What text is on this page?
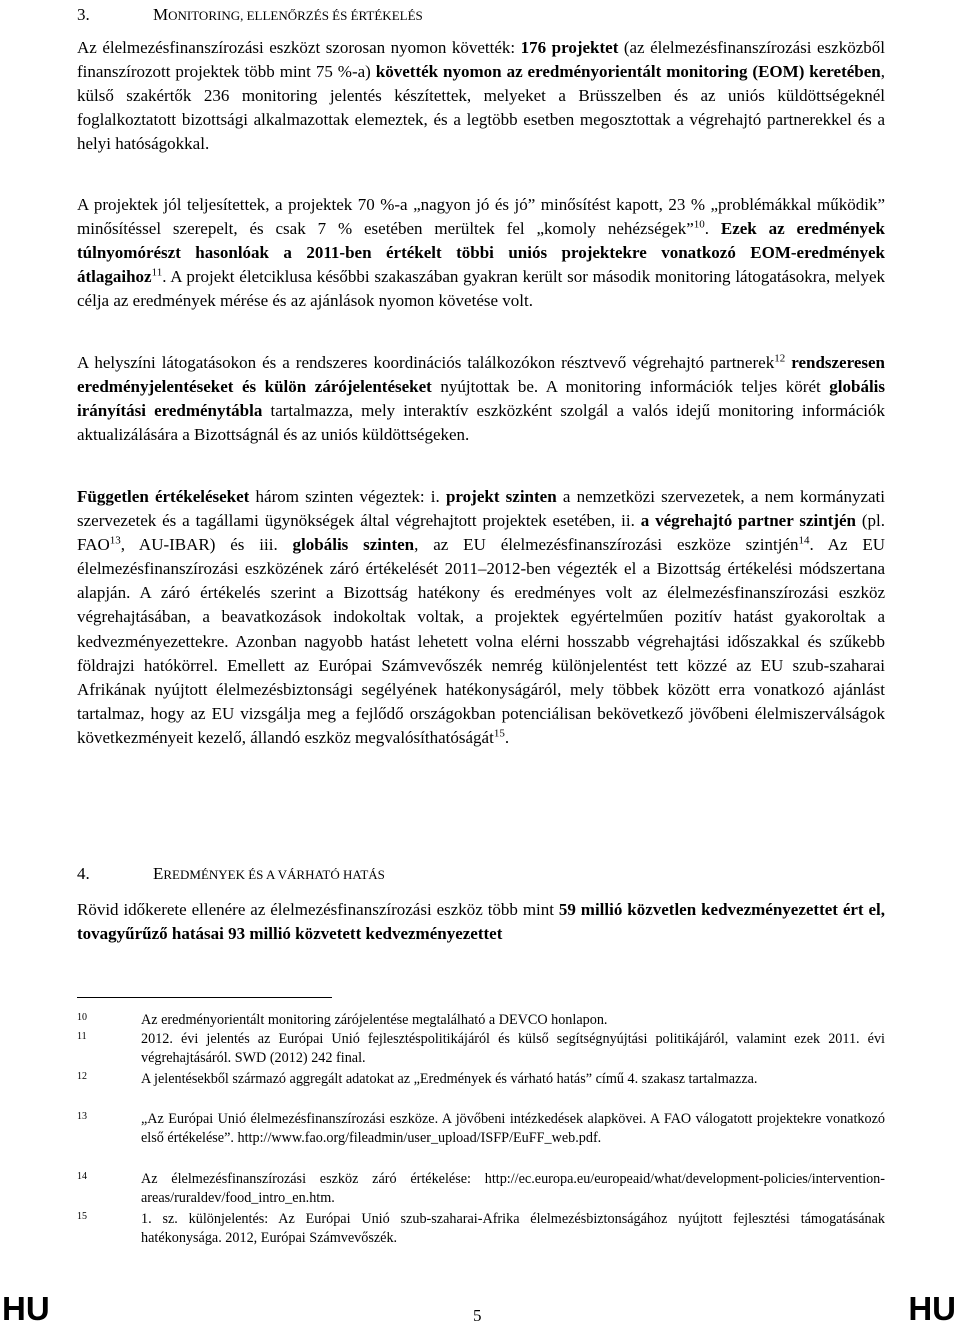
3.	MONITORING, ELLENŐRZÉS ÉS ÉRTÉKELÉS
Az élelmezésfinanszírozási eszközt szorosan nyomon követték: 176 projektet (az élelmezésfinanszírozási eszközből finanszírozott projektek több mint 75 %-a) követték nyomon az eredményorientált monitoring (EOM) keretében, külső szakértők 236 monitoring jelentés készítettek, melyeket a Brüsszelben és az uniós küldöttségeknél foglalkoztatott bizottsági alkalmazottak elemeztek, és a legtöbb esetben megosztottak a végrehajtó partnerekkel és a helyi hatóságokkal.
A projektek jól teljesítettek, a projektek 70 %-a „nagyon jó és jó” minősítést kapott, 23 % „problémákkal működik” minősítéssel szerepelt, és csak 7 % esetében merültek fel „komoly nehézségek”$^{10}$. Ezek az eredmények túlnyomórészt hasonlóak a 2011-ben értékelt többi uniós projektekre vonatkozó EOM-eredmények átlagaihoz$^{11}$. A projekt életciklusa későbbi szakaszában gyakran került sor második monitoring látogatásokra, melyek célja az eredmények mérése és az ajánlások nyomon követése volt.
A helyszíni látogatásokon és a rendszeres koordinációs találkozókon résztvevő végrehajtó partnerek$^{12}$ rendszeresen eredményjelentéseket és külön zárójelentéseket nyújtottak be. A monitoring információk teljes körét globális irányítási eredménytábla tartalmazza, mely interaktív eszközként szolgál a valós idejű monitoring információk aktualizálására a Bizottságnál és az uniós küldöttségeken.
Független értékeléseket három szinten végeztek: i. projekt szinten a nemzetközi szervezetek, a nem kormányzati szervezetek és a tagállami ügynökségek által végrehajtott projektek esetében, ii. a végrehajtó partner szintjén (pl. FAO$^{13}$, AU-IBAR) és iii. globális szinten, az EU élelmezésfinanszírozási eszköze szintjén$^{14}$. Az EU élelmezésfinanszírozási eszközének záró értékelését 2011–2012-ben végezték el a Bizottság értékelési módszertana alapján. A záró értékelés szerint a Bizottság hatékony és eredményes volt az élelmezésfinanszírozási eszköz végrehajtásában, a beavatkozások indokoltak voltak, a projektek egyértelműen pozitív hatást gyakoroltak a kedvezményezettekre. Azonban nagyobb hatást lehetett volna elérni hosszabb végrehajtási időszakkal és szűkebb földrajzi hatókörrel. Emellett az Európai Számvevőszék nemrég különjelentést tett közzé az EU szub-szaharai Afrikának nyújtott élelmezésbiztonsági segélyének hatékonyságáról, mely többek között erra vonatkozó ajánlást tartalmaz, hogy az EU vizsgálja meg a fejlődő országokban potenciálisan bekövetkező jövőbeni élelmiszerválságok következményeit kezelő, állandó eszköz megvalósíthatóságát$^{15}$.
4.	EREDMÉNYEK ÉS A VÁRHATÓ HATÁS
Rövid időkerete ellenére az élelmezésfinanszírozási eszköz több mint 59 millió közvetlen kedvezményezettet ért el, tovagyűrűző hatásai 93 millió közvetett kedvezményezettet
10	Az eredményorientált monitoring zárójelentése megtalálható a DEVCO honlapon.
11	2012. évi jelentés az Európai Unió fejlesztéspolitikájáról és külső segítségnyújtási politikájáról, valamint ezek 2011. évi végrehajtásáról. SWD (2012) 242 final.
12	A jelentésekből származó aggregált adatokat az „Eredmények és várható hatás” című 4. szakasz tartalmazza.
13	„Az Európai Unió élelmezésfinanszírozási eszköze. A jövőbeni intézkedések alapkövei. A FAO válogatott projektekre vonatkozó első értékelése”. http://www.fao.org/fileadmin/user_upload/ISFP/EuFF_web.pdf.
14	Az élelmezésfinanszírozási eszköz záró értékelése: http://ec.europa.eu/europeaid/what/development-policies/intervention-areas/ruraldev/food_intro_en.htm.
15	1. sz. különjelentés: Az Európai Unió szub-szaharai-Afrika élelmezésbiztonságához nyújtott fejlesztési támogatásának hatékonysága. 2012, Európai Számvevőszék.
HU	5	HU
